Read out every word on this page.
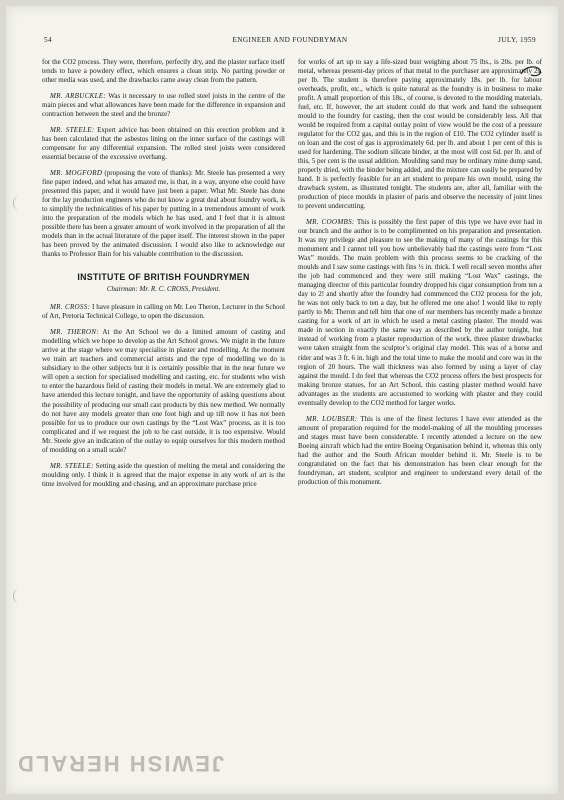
54	ENGINEER AND FOUNDRYMAN	JULY, 1959

for the CO2 process. They were, therefore, perfectly dry, and the plaster surface itself tends to have a powdery effect, which ensures a clean strip. No parting powder or other media was used, and the drawbacks came away clean from the pattern.

MR. ARBUCKLE: Was it necessary to use rolled steel joists in the centre of the main pieces and what allowances have been made for the difference in expansion and contraction between the steel and the bronze?

MR. STEELE: Expert advice has been obtained on this erection problem and it has been calculated that the asbestos lining on the inner surface of the castings will compensate for any differential expansion. The rolled steel joists were considered essential because of the excessive overhang.

MR. MOGFORD (proposing the vote of thanks): Mr. Steele has presented a very fine paper indeed, and what has amazed me, is that, in a way, anyone else could have presented this paper, and it would have just been a paper. What Mr. Steele has done for the lay production engineers who do not know a great deal about foundry work, is to simplify the technicalities of his paper by putting in a tremendous amount of work into the preparation of the models which he has used, and I feel that it is almost possible there has been a greater amount of work involved in the preparation of all the models than in the actual literature of the paper itself. The interest shown in the paper has been proved by the animated discussion. I would also like to acknowledge our thanks to Professor Bain for his valuable contribution to the discussion.

INSTITUTE OF BRITISH FOUNDRYMEN
Chairman: Mr. R. C. CROSS, President.

MR. CROSS: I have pleasure in calling on Mr. Leo Theron, Lecturer in the School of Art, Pretoria Technical College, to open the discussion.

MR. THERON: At the Art School we do a limited amount of casting and modelling which we hope to develop as the Art School grows. We might in the future arrive at the stage where we may specialise in plaster and modelling. At the moment we train art teachers and commercial artists and the type of modelling we do is subsidiary to the other subjects but it is certainly possible that in the near future we will open a section for specialised modelling and casting, etc. for students who wish to enter the hazardous field of casting their models in metal. We are extremely glad to have attended this lecture tonight, and have the opportunity of asking questions about the possibility of producing our small cast products by this new method. We normally do not have any models greater than one foot high and up till now it has not been possible for us to produce our own castings by the “Lost Wax” process, as it is too complicated and if we request the job to be cast outside, it is too expensive. Would Mr. Steele give an indication of the outlay to equip ourselves for this modern method of moulding on a small scale?

MR. STEELE: Setting aside the question of melting the metal and considering the moulding only. I think it is agreed that the major expense in any work of art is the time involved for moulding and chasing, and an approximate purchase price

for works of art up to say a life-sized bust weighing about 75 lbs., is 20s. per lb. of metal, whereas present-day prices of that metal to the purchaser are approximately 2s. per lb. The student is therefore paying approximately 18s. per lb. for labour overheads, profit, etc., which is quite natural as the foundry is in business to make profit. A small proportion of this 18s., of course, is devoted to the moulding materials, fuel, etc. If, however, the art student could do that work and hand the subsequent mould to the foundry for casting, then the cost would be considerably less. All that would be required from a capital outlay point of view would be the cost of a pressure regulator for the CO2 gas, and this is in the region of £10. The CO2 cylinder itself is on loan and the cost of gas is approximately 6d. per lb. and about 1 per cent of this is used for hardening. The sodium silicate binder, at the most will cost 6d. per lb. and of this, 5 per cent is the usual addition. Moulding sand may be ordinary mine dump sand, properly dried, with the binder being added, and the mixture can easily be prepared by hand. It is perfectly feasible for an art student to prepare his own mould, using the drawback system, as illustrated tonight. The students are, after all, familiar with the production of piece moulds in plaster of paris and observe the necessity of joint lines to prevent undercutting.

MR. COOMBS: This is possibly the first paper of this type we have ever had in our branch and the author is to be complimented on his preparation and presentation. It was my privilege and pleasure to see the making of many of the castings for this monument and I cannot tell you how unbelievably bad the castings were from “Lost Wax” moulds. The main problem with this process seems to be cracking of the moulds and I saw some castings with fins ½ in. thick. I well recall seven months after the job had commenced and they were still making “Lost Wax” castings, the managing director of this particular foundry dropped his cigar consumption from ten a day to 2! and shortly after the foundry had commenced the CO2 process for the job, he was not only back to ten a day, but he offered me one also! I would like to reply partly to Mr. Theron and tell him that one of our members has recently made a bronze casting for a work of art in which he used a metal casting plaster. The mould was made in section in exactly the same way as described by the author tonight, but instead of working from a plaster reproduction of the work, three plaster drawbacks were taken straight from the sculptor’s original clay model. This was of a horse and rider and was 3 ft. 6 in. high and the total time to make the mould and core was in the region of 20 hours. The wall thickness was also formed by using a layer of clay against the mould. I do feel that whereas the CO2 process offers the best prospects for making bronze statues, for an Art School, this casting plaster method would have advantages as the students are accustomed to working with plaster and they could eventually develop to the CO2 method for larger works.

MR. LOUBSER: This is one of the finest lectures I have ever attended as the amount of preparation required for the model-making of all the moulding processes and stages must have been considerable. I recently attended a lecture on the new Boeing aircraft which had the entire Boeing Organisation behind it, whereas this only had the author and the South African moulder behind it. Mr. Steele is to be congratulated on the fact that his demonstration has been clear enough for the foundryman, art student, sculptor and engineer to understand every detail of the production of this monument.

JEWISH HERALD
